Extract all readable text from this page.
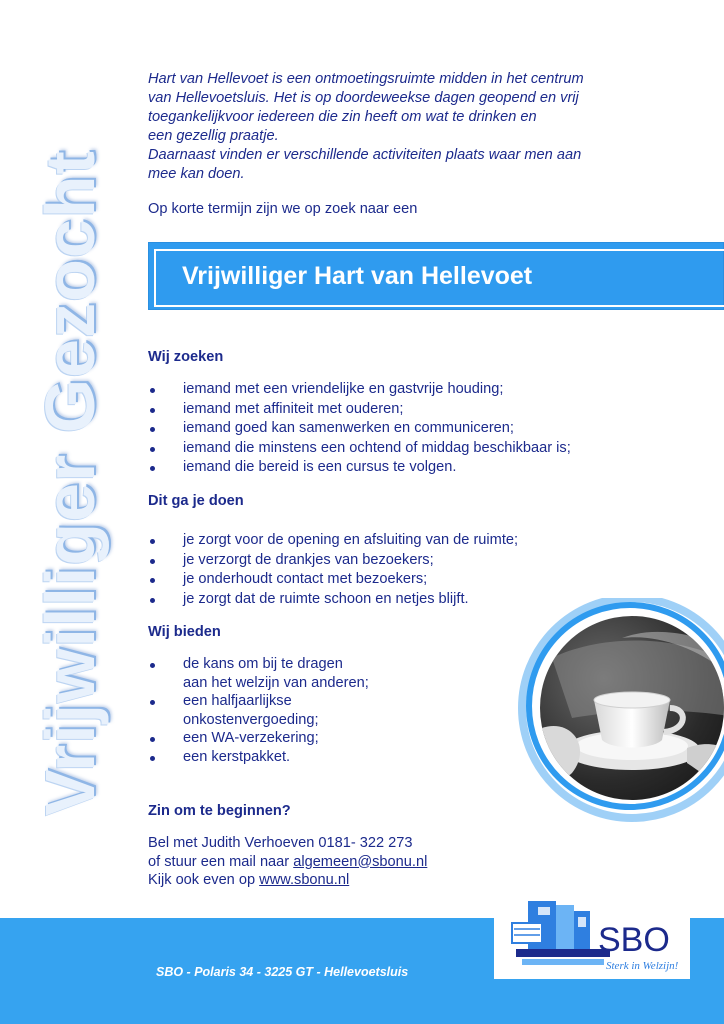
Vrijwilliger Gezocht

Hart van Hellevoet is een ontmoetingsruimte midden in het centrum

van Hellevoetsluis. Het is op doordeweekse dagen geopend en vrij

toegankelijkvoor iedereen die zin heeft om wat te drinken en

een gezellig praatje.

Daarnaast vinden er verschillende activiteiten plaats waar men aan

mee kan doen.

Op korte termijn zijn we op zoek naar een
Vrijwilliger Hart van Hellevoet
Wij zoeken
iemand met een vriendelijke en gastvrije houding;
iemand met affiniteit met ouderen;
iemand goed kan samenwerken en communiceren;
iemand die minstens een ochtend of middag beschikbaar is;
iemand die bereid is een cursus te volgen.
Dit ga je doen
je zorgt voor de opening en afsluiting van de ruimte;
je verzorgt de drankjes van bezoekers;
je onderhoudt contact met bezoekers;
je zorgt dat de ruimte schoon en netjes blijft.
Wij bieden
de kans om bij te dragen
aan het welzijn van anderen;
een halfjaarlijkse
onkostenvergoeding;
een WA-verzekering;
een kerstpakket.
Zin om te beginnen?
Bel met Judith Verhoeven 0181- 322 273
of stuur een mail naar algemeen@sbonu.nl
Kijk ook even op www.sbonu.nl
SBO - Polaris 34 - 3225 GT - Hellevoetsluis
SBO
Sterk in Welzijn!
